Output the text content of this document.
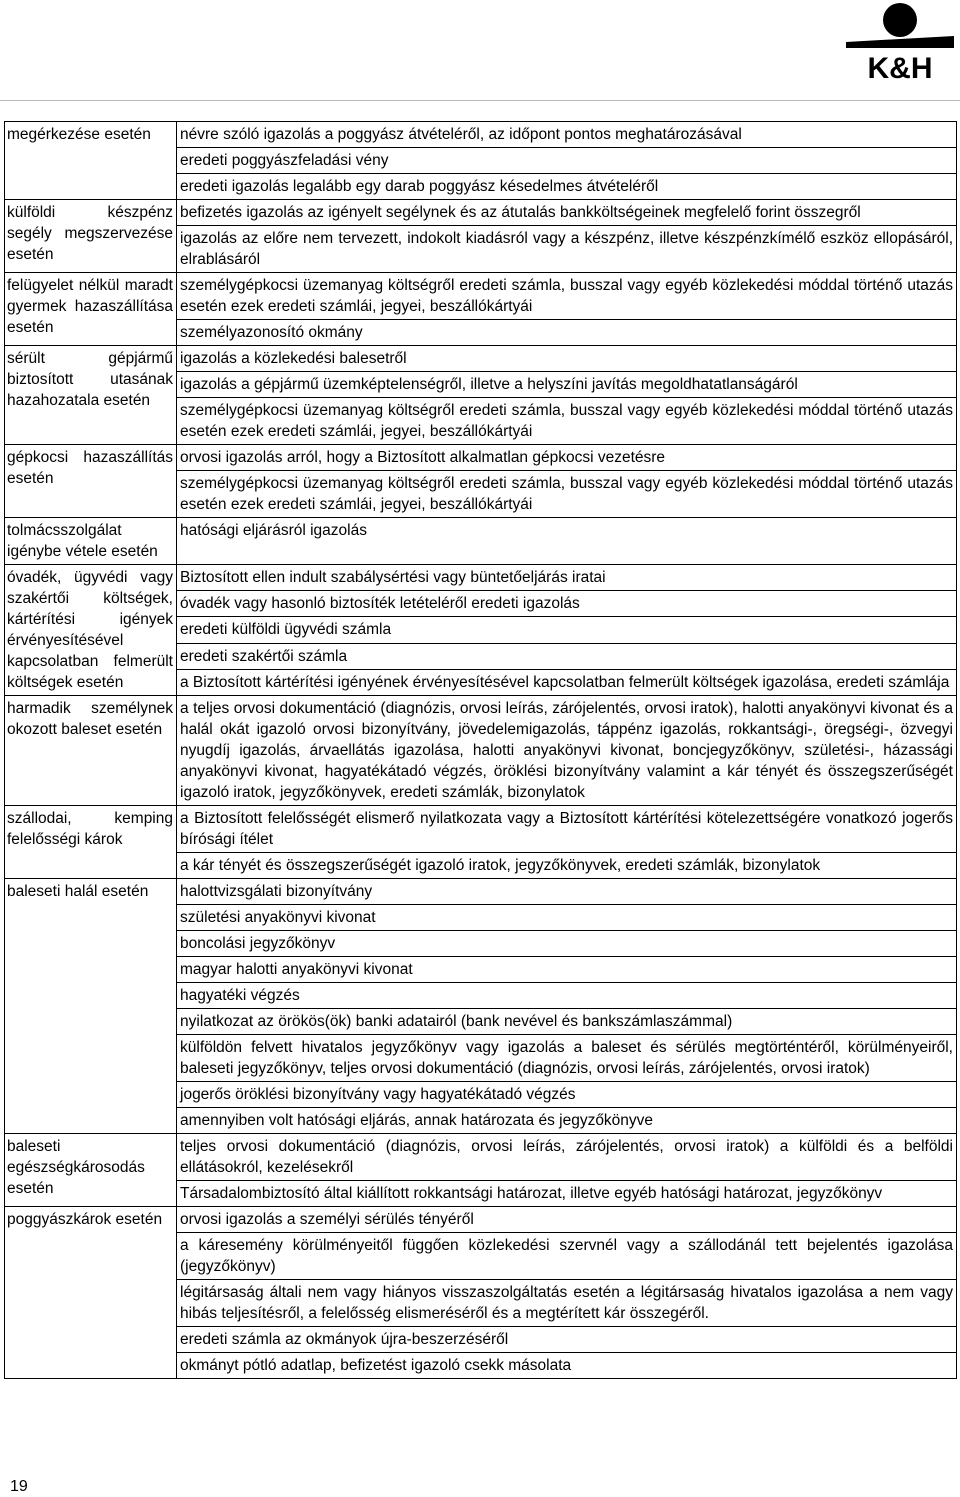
K&H
megérkezése esetén	névre szóló igazolás a poggyász átvételéről, az időpont pontos meghatározásával
	eredeti poggyászfeladási vény
	eredeti igazolás legalább egy darab poggyász késedelmes átvételéről
külföldi készpénz segély megszervezése esetén	befizetés igazolás az igényelt segélynek és az átutalás bankköltségeinek megfelelő forint összegről
	igazolás az előre nem tervezett, indokolt kiadásról vagy a készpénz, illetve készpénzkímélő eszköz ellopásáról, elrablásáról
felügyelet nélkül maradt gyermek hazaszállítása esetén	személygépkocsi üzemanyag költségről eredeti számla, busszal vagy egyéb közlekedési móddal történő utazás esetén ezek eredeti számlái, jegyei, beszállókártyái
	személyazonosító okmány
sérült gépjármű biztosított utasának hazahozatala esetén	igazolás a közlekedési balesetről
	igazolás a gépjármű üzemképtelenségről, illetve a helyszíni javítás megoldhatatlanságáról
	személygépkocsi üzemanyag költségről eredeti számla, busszal vagy egyéb közlekedési móddal történő utazás esetén ezek eredeti számlái, jegyei, beszállókártyái
gépkocsi hazaszállítás esetén	orvosi igazolás arról, hogy a Biztosított alkalmatlan gépkocsi vezetésre
	személygépkocsi üzemanyag költségről eredeti számla, busszal vagy egyéb közlekedési móddal történő utazás esetén ezek eredeti számlái, jegyei, beszállókártyái
tolmácsszolgálat igénybe vétele esetén	hatósági eljárásról igazolás
óvadék, ügyvédi vagy szakértői költségek, kártérítési igények érvényesítésével kapcsolatban felmerült költségek esetén	Biztosított ellen indult szabálysértési vagy büntetőeljárás iratai
	óvadék vagy hasonló biztosíték letételéről eredeti igazolás
	eredeti külföldi ügyvédi számla
	eredeti szakértői számla
	a Biztosított kártérítési igényének érvényesítésével kapcsolatban felmerült költségek igazolása, eredeti számlája
harmadik személynek okozott baleset esetén	a teljes orvosi dokumentáció (diagnózis, orvosi leírás, zárójelentés, orvosi iratok), halotti anyakönyvi kivonat és a halál okát igazoló orvosi bizonyítvány, jövedelemigazolás, táppénz igazolás, rokkantsági-, öregségi-, özvegyi nyugdíj igazolás, árvaellátás igazolása, halotti anyakönyvi kivonat, boncjegyzőkönyv, születési-, házassági anyakönyvi kivonat, hagyatékátadó végzés, öröklési bizonyítvány valamint a kár tényét és összegszerűségét igazoló iratok, jegyzőkönyvek, eredeti számlák, bizonylatok
szállodai, kemping felelősségi károk	a Biztosított felelősségét elismerő nyilatkozata vagy a Biztosított kártérítési kötelezettségére vonatkozó jogerős bírósági ítélet
	a kár tényét és összegszerűségét igazoló iratok, jegyzőkönyvek, eredeti számlák, bizonylatok
baleseti halál esetén	halottvizsgálati bizonyítvány
	születési anyakönyvi kivonat
	boncolási jegyzőkönyv
	magyar halotti anyakönyvi kivonat
	hagyatéki végzés
	nyilatkozat az örökös(ök) banki adatairól (bank nevével és bankszámlaszámmal)
	külföldön felvett hivatalos jegyzőkönyv vagy igazolás a baleset és sérülés megtörténtéről, körülményeiről, baleseti jegyzőkönyv, teljes orvosi dokumentáció (diagnózis, orvosi leírás, zárójelentés, orvosi iratok)
	jogerős öröklési bizonyítvány vagy hagyatékátadó végzés
	amennyiben volt hatósági eljárás, annak határozata és jegyzőkönyve
baleseti egészségkárosodás esetén	teljes orvosi dokumentáció (diagnózis, orvosi leírás, zárójelentés, orvosi iratok) a külföldi és a belföldi ellátásokról, kezelésekről
	Társadalombiztosító által kiállított rokkantsági határozat, illetve egyéb hatósági határozat, jegyzőkönyv
poggyászkárok esetén	orvosi igazolás a személyi sérülés tényéről
	a káresemény körülményeitől függően közlekedési szervnél vagy a szállodánál tett bejelentés igazolása (jegyzőkönyv)
	légitársaság általi nem vagy hiányos visszaszolgáltatás esetén a légitársaság hivatalos igazolása a nem vagy hibás teljesítésről, a felelősség elismeréséről és a megtérített kár összegéről.
	eredeti számla az okmányok újra-beszerzéséről
	okmányt pótló adatlap, befizetést igazoló csekk másolata
19
